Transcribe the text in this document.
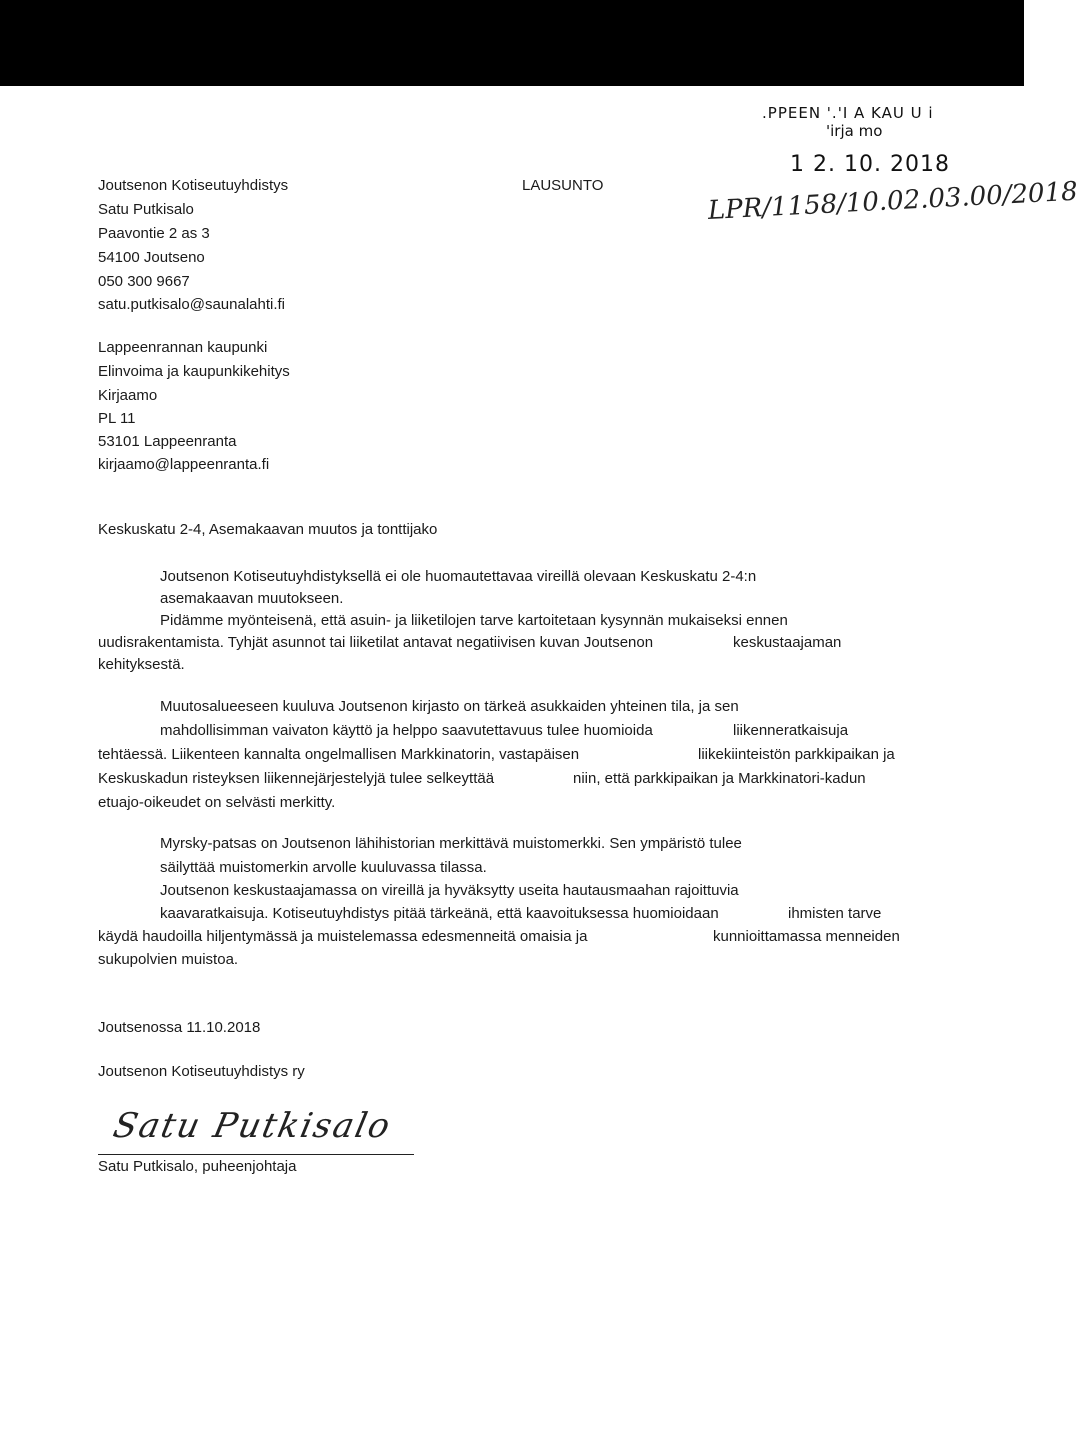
.PPEEN '.'I A KAU U i
'irja mo
1 2. 10. 2018
LPR/1158/10.02.03.00/2018
Joutsenon Kotiseutuyhdistys
Satu Putkisalo
Paavontie 2 as 3
54100 Joutseno
050 300 9667
satu.putkisalo@saunalahti.fi
LAUSUNTO
Lappeenrannan kaupunki
Elinvoima ja kaupunkikehitys
Kirjaamo
PL 11
53101 Lappeenranta
kirjaamo@lappeenranta.fi
Keskuskatu 2-4, Asemakaavan muutos ja tonttijako
Joutsenon Kotiseutuyhdistyksellä ei ole huomautettavaa vireillä olevaan Keskuskatu 2-4:n
asemakaavan muutokseen.
Pidämme myönteisenä, että asuin- ja liiketilojen tarve kartoitetaan kysynnän mukaiseksi ennen
uudisrakentamista. Tyhjät asunnot tai liiketilat antavat negatiivisen kuvan Joutsenon	keskustaajaman
kehityksestä.
Muutosalueeseen kuuluva Joutsenon kirjasto on tärkeä asukkaiden yhteinen tila, ja sen
mahdollisimman vaivaton käyttö ja helppo saavutettavuus tulee huomioida	liikenneratkaisuja
tehtäessä. Liikenteen kannalta ongelmallisen Markkinatorin, vastapäisen	liikekiinteistön parkkipaikan ja
Keskuskadun risteyksen liikennejärjestelyjä tulee selkeyttää	niin, että parkkipaikan ja Markkinatori-kadun
etuajo-oikeudet on selvästi merkitty.
Myrsky-patsas on Joutsenon lähihistorian merkittävä muistomerkki. Sen ympäristö tulee
säilyttää muistomerkin arvolle kuuluvassa tilassa.
Joutsenon keskustaajamassa on vireillä ja hyväksytty useita hautausmaahan rajoittuvia
kaavaratkaisuja. Kotiseutuyhdistys pitää tärkeänä, että kaavoituksessa huomioidaan	ihmisten tarve
käydä haudoilla hiljentymässä ja muistelemassa edesmenneitä omaisia ja	kunnioittamassa menneiden
sukupolvien muistoa.
Joutsenossa 11.10.2018
Joutsenon Kotiseutuyhdistys ry
Satu Putkisalo
Satu Putkisalo, puheenjohtaja
